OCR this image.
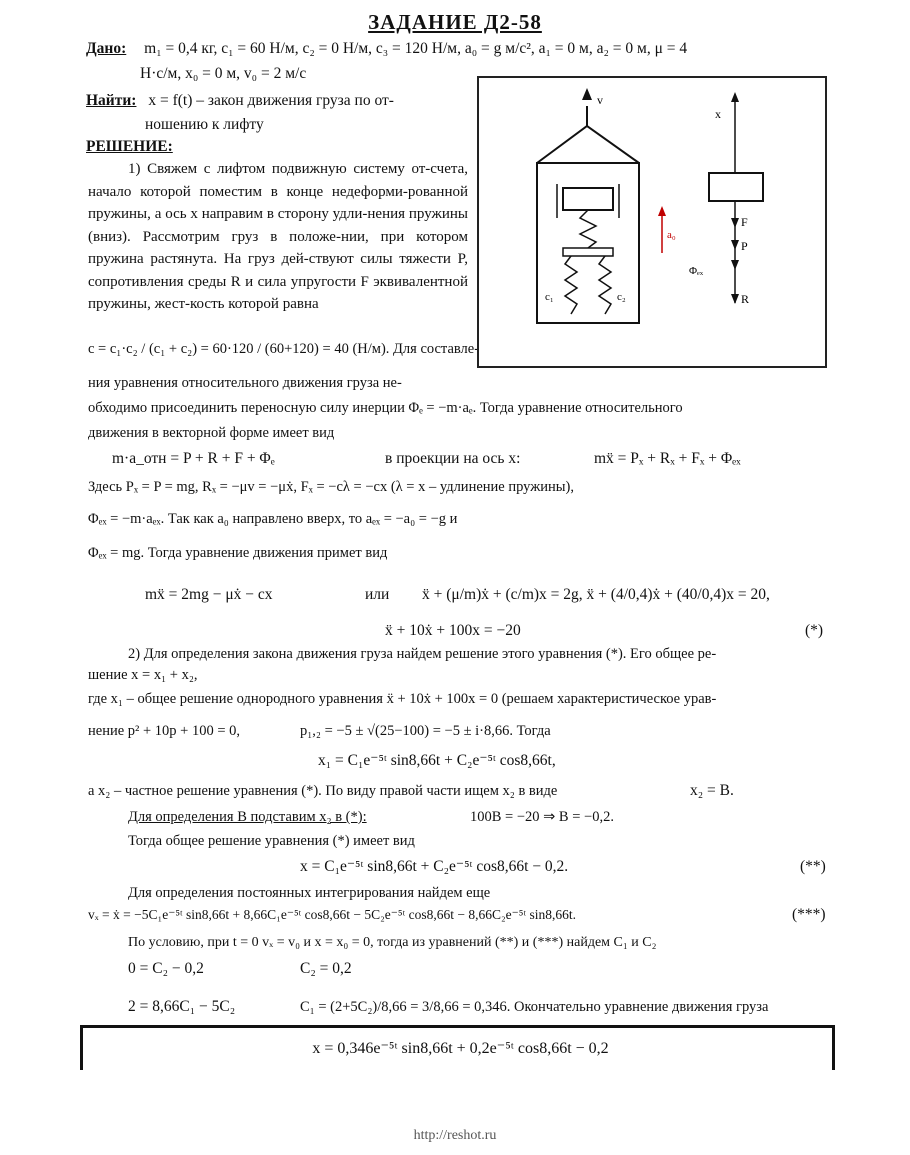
ЗАДАНИЕ Д2-58
Дано: m₁ = 0,4 кг, c₁ = 60 Н/м, c₂ = 0 Н/м, c₃ = 120 Н/м, a₀ = g м/с², a₁ = 0 м, a₂ = 0 м, μ = 4
Н·с/м, x₀ = 0 м, v₀ = 2 м/с
Найти: x = f(t) – закон движения груза по от-
ношению к лифту
РЕШЕНИЕ:
1) Свяжем с лифтом подвижную систему от-счета, начало которой поместим в конце недеформи-рованной пружины, а ось x направим в сторону удли-нения пружины (вниз). Рассмотрим груз в положе-нии, при котором пружина растянута. На груз дей-ствуют силы тяжести P, сопротивления среды R и сила упругости F эквивалентной пружины, жест-кость которой равна
c = c₁·c₂ / (c₁ + c₂) = 60·120 / (60+120) = 40 (Н/м). Для составле-
ния уравнения относительного движения груза не-
обходимо присоединить переносную силу инерции Φₑ = −m·aₑ. Тогда уравнение относительного
движения в векторной форме имеет вид
v
c₁	c₂
a₀
x
F
P
Φₑₓ
R
m·a_отн = P + R + F + Φₑ	в проекции на ось x:	mẍ = Pₓ + Rₓ + Fₓ + Φₑₓ
Здесь Pₓ = P = mg, Rₓ = −μv = −μẋ, Fₓ = −cλ = −cx (λ = x – удлинение пружины),
Φₑₓ = −m·aₑₓ. Так как a₀ направлено вверх, то aₑₓ = −a₀ = −g и
Φₑₓ = mg. Тогда уравнение движения примет вид
mẍ = 2mg − μẋ − cx	или ẍ + (μ/m)ẋ + (c/m)x = 2g, ẍ + (4/0,4)ẋ + (40/0,4)x = 20,
ẍ + 10ẋ + 100x = −20	(*)
2) Для определения закона движения груза найдем решение этого уравнения (*). Его общее ре-
шение x = x₁ + x₂,
где x₁ – общее решение однородного уравнения ẍ + 10ẋ + 100x = 0 (решаем характеристическое урав-
нение p² + 10p + 100 = 0,	p₁,₂ = −5 ± √(25−100) = −5 ± i·8,66. Тогда
x₁ = C₁e⁻⁵ᵗ sin8,66t + C₂e⁻⁵ᵗ cos8,66t,
а x₂ – частное решение уравнения (*). По виду правой части ищем x₂ в виде	x₂ = B.
Для определения B подставим x₂ в (*):	100B = −20 ⇒ B = −0,2.
Тогда общее решение уравнения (*) имеет вид
x = C₁e⁻⁵ᵗ sin8,66t + C₂e⁻⁵ᵗ cos8,66t − 0,2.	(**)
Для определения постоянных интегрирования найдем еще
vₓ = ẋ = −5C₁e⁻⁵ᵗ sin8,66t + 8,66C₁e⁻⁵ᵗ cos8,66t − 5C₂e⁻⁵ᵗ cos8,66t − 8,66C₂e⁻⁵ᵗ sin8,66t.	(***)
По условию, при t = 0 vₓ = v₀ и x = x₀ = 0, тогда из уравнений (**) и (***) найдем C₁ и C₂
0 = C₂ − 0,2	C₂ = 0,2
2 = 8,66C₁ − 5C₂	C₁ = (2+5C₂)/8,66 = 3/8,66 = 0,346. Окончательно уравнение движения груза
x = 0,346e⁻⁵ᵗ sin8,66t + 0,2e⁻⁵ᵗ cos8,66t − 0,2
http://reshot.ru
